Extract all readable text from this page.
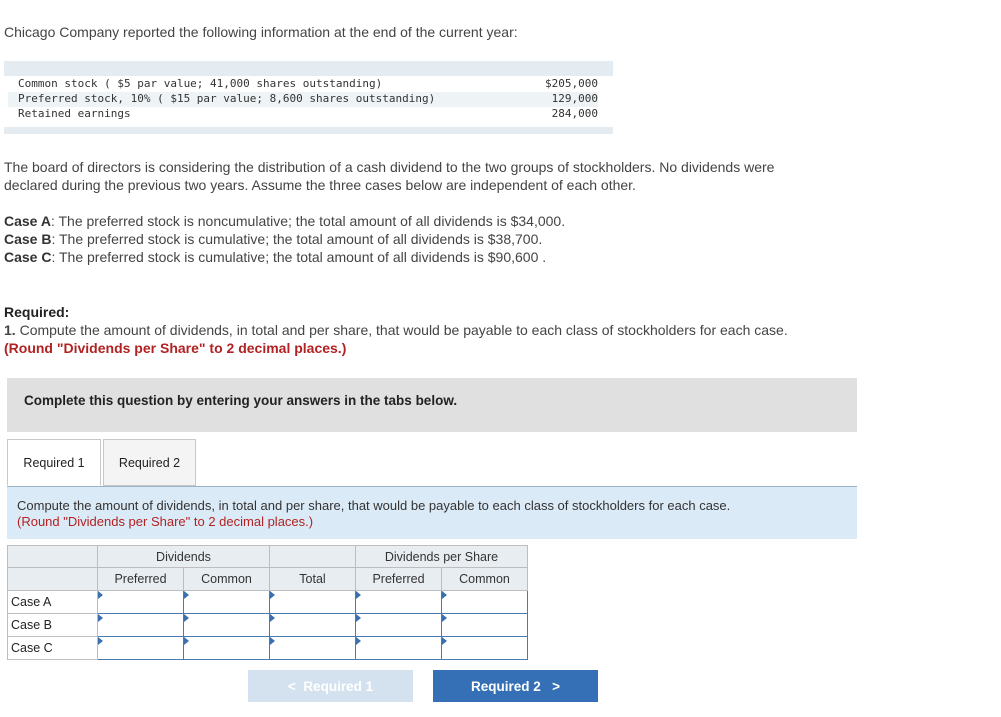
Chicago Company reported the following information at the end of the current year:
Common stock ( $5 par value; 41,000 shares outstanding)	$205,000
Preferred stock, 10% ( $15 par value; 8,600 shares outstanding)	129,000
Retained earnings	284,000
The board of directors is considering the distribution of a cash dividend to the two groups of stockholders. No dividends were
declared during the previous two years. Assume the three cases below are independent of each other.
Case A: The preferred stock is noncumulative; the total amount of all dividends is $34,000.
Case B: The preferred stock is cumulative; the total amount of all dividends is $38,700.
Case C: The preferred stock is cumulative; the total amount of all dividends is $90,600 .
Required:
1. Compute the amount of dividends, in total and per share, that would be payable to each class of stockholders for each case.
(Round "Dividends per Share" to 2 decimal places.)
Complete this question by entering your answers in the tabs below.
Required 1	Required 2
Compute the amount of dividends, in total and per share, that would be payable to each class of stockholders for each case.
(Round "Dividends per Share" to 2 decimal places.)
	Dividends			Dividends per Share	
	Preferred	Common	Total	Preferred	Common
Case A					
Case B					
Case C					
< Required 1	Required 2 >
